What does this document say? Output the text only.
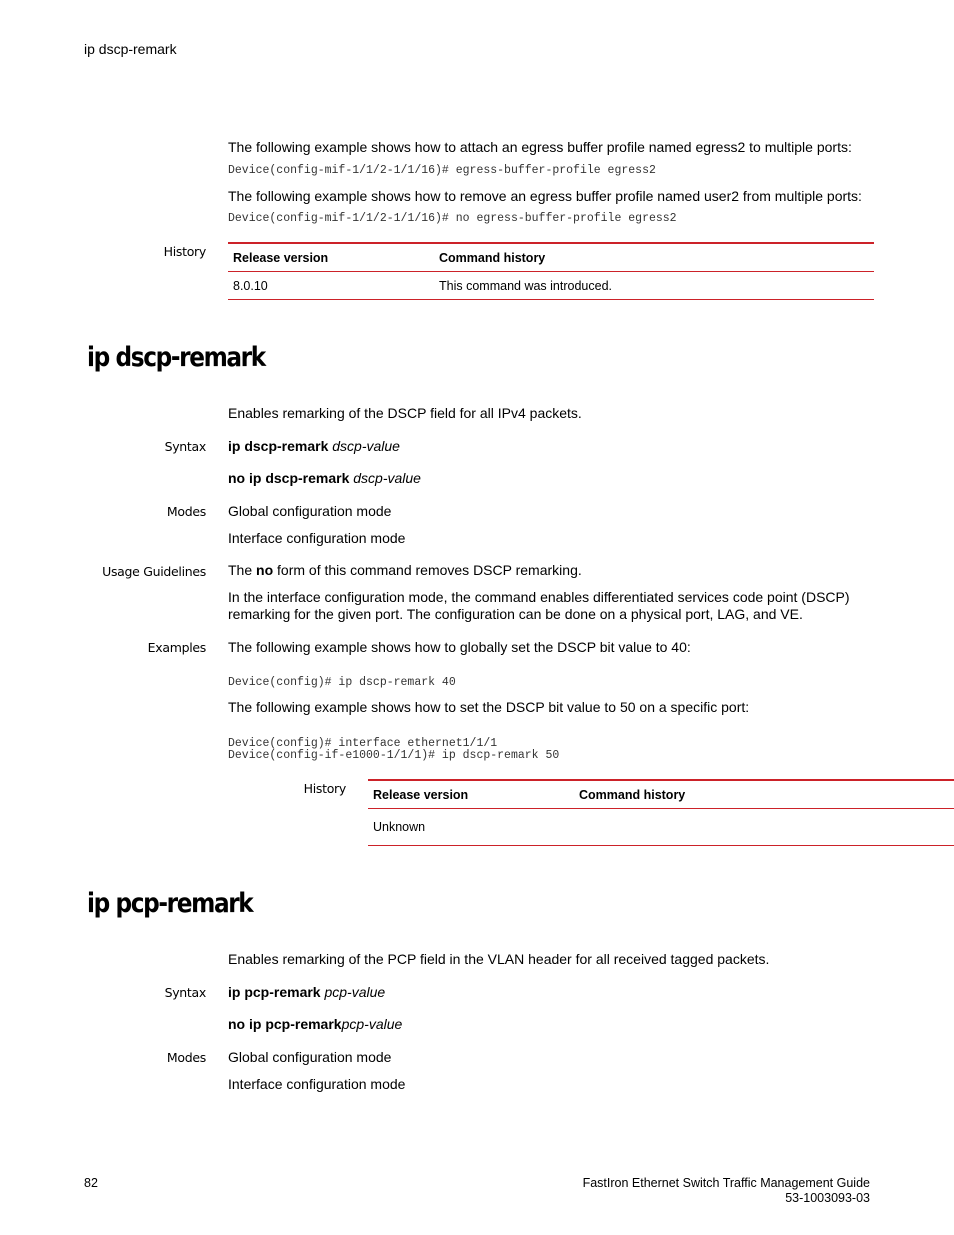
ip dscp-remark
The following example shows how to attach an egress buffer profile named egress2 to multiple ports:
Device(config-mif-1/1/2-1/1/16)# egress-buffer-profile egress2
The following example shows how to remove an egress buffer profile named user2 from multiple ports:
Device(config-mif-1/1/2-1/1/16)# no egress-buffer-profile egress2
History Release version	Command history
8.0.10	This command was introduced.
ip dscp-remark
Enables remarking of the DSCP field for all IPv4 packets.
Syntax ip dscp-remark dscp-value
no ip dscp-remark dscp-value
Modes Global configuration mode
Interface configuration mode
Usage Guidelines The no form of this command removes DSCP remarking.
In the interface configuration mode, the command enables differentiated services code point (DSCP) remarking for the given port. The configuration can be done on a physical port, LAG, and VE.
Examples The following example shows how to globally set the DSCP bit value to 40:
Device(config)# ip dscp-remark 40
The following example shows how to set the DSCP bit value to 50 on a specific port:
Device(config)# interface ethernet1/1/1
Device(config-if-e1000-1/1/1)# ip dscp-remark 50
History Release version	Command history
Unknown	
ip pcp-remark
Enables remarking of the PCP field in the VLAN header for all received tagged packets.
Syntax ip pcp-remark pcp-value
no ip pcp-remarkpcp-value
Modes Global configuration mode
Interface configuration mode
82	FastIron Ethernet Switch Traffic Management Guide
53-1003093-03
